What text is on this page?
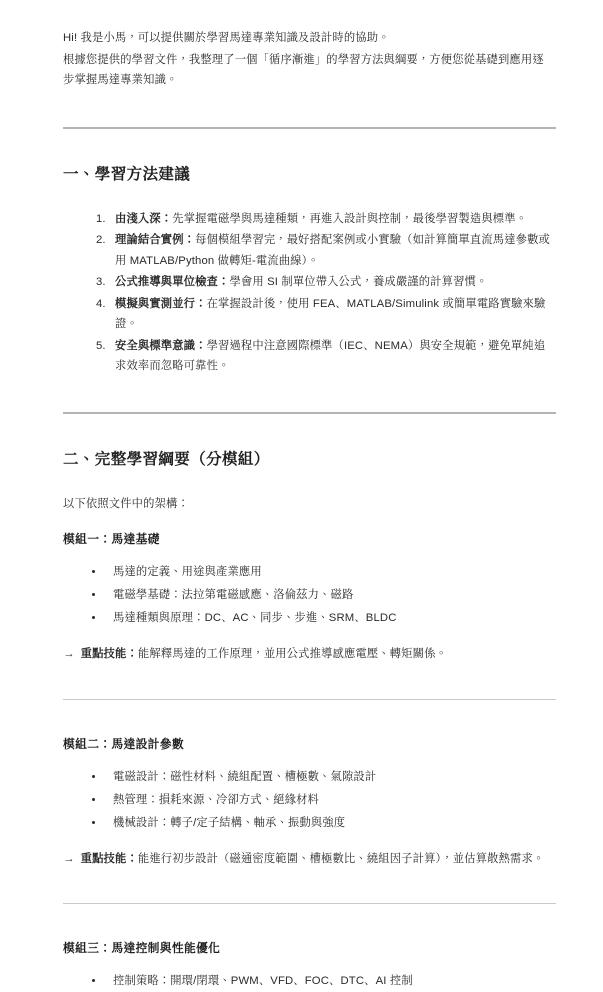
Hi! 我是小馬，可以提供關於學習馬達專業知識及設計時的協助。

根據您提供的學習文件，我整理了一個「循序漸進」的學習方法與綱要，方便您從基礎到應用逐步掌握馬達專業知識。

一、學習方法建議
1. 由淺入深：先掌握電磁學與馬達種類，再進入設計與控制，最後學習製造與標準。
2. 理論結合實例：每個模組學習完，最好搭配案例或小實驗（如計算簡單直流馬達參數或用 MATLAB/Python 做轉矩-電流曲線）。
3. 公式推導與單位檢查：學會用 SI 制單位帶入公式，養成嚴謹的計算習慣。
4. 模擬與實測並行：在掌握設計後，使用 FEA、MATLAB/Simulink 或簡單電路實驗來驗證。
5. 安全與標準意識：學習過程中注意國際標準（IEC、NEMA）與安全規範，避免單純追求效率而忽略可靠性。
二、完整學習綱要（分模組）

以下依照文件中的架構：

模組一：馬達基礎
• 馬達的定義、用途與產業應用
• 電磁學基礎：法拉第電磁感應、洛倫茲力、磁路
• 馬達種類與原理：DC、AC、同步、步進、SRM、BLDC
→ 重點技能：能解釋馬達的工作原理，並用公式推導感應電壓、轉矩關係。
模組二：馬達設計參數
• 電磁設計：磁性材料、繞組配置、槽極數、氣隙設計
• 熱管理：損耗來源、冷卻方式、絕緣材料
• 機械設計：轉子/定子結構、軸承、振動與強度
→ 重點技能：能進行初步設計（磁通密度範圍、槽極數比、繞組因子計算），並估算散熱需求。
模組三：馬達控制與性能優化
• 控制策略：開環/閉環、PWM、VFD、FOC、DTC、AI 控制
